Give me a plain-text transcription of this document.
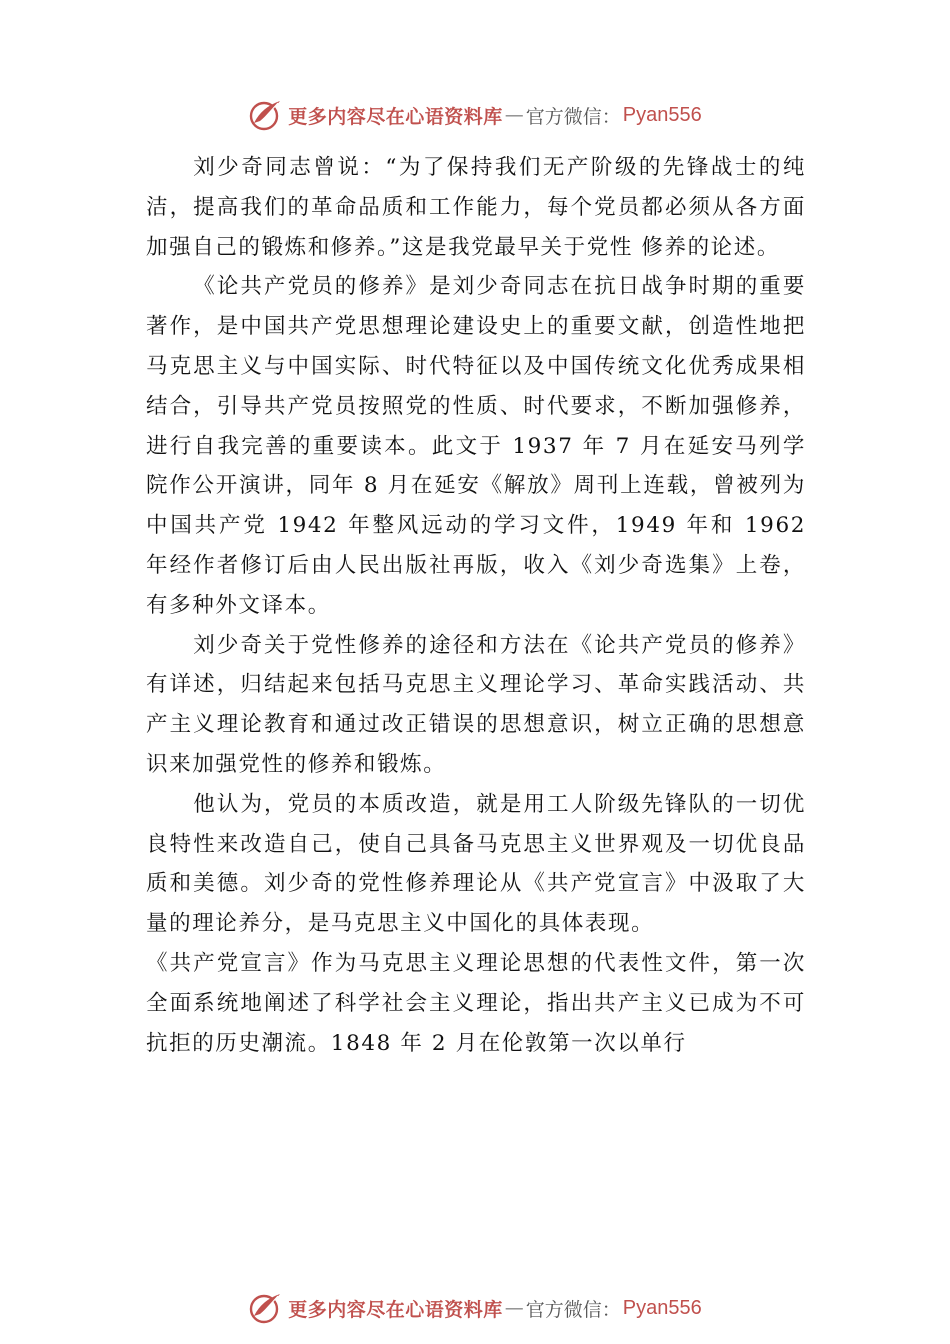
更多内容尽在心语资料库 — 官方微信： Pyan556

刘少奇同志曾说：“为了保持我们无产阶级的先锋战士的纯洁，提高我们的革命品质和工作能力，每个党员都必须从各方面加强自己的锻炼和修养。”这是我党最早关于党性 修养的论述。

《论共产党员的修养》是刘少奇同志在抗日战争时期的重要著作，是中国共产党思想理论建设史上的重要文献，创造性地把马克思主义与中国实际、时代特征以及中国传统文化优秀成果相结合，引导共产党员按照党的性质、时代要求，不断加强修养，进行自我完善的重要读本。此文于 1937 年 7 月在延安马列学院作公开演讲，同年 8 月在延安《解放》周刊上连载，曾被列为中国共产党 1942 年整风远动的学习文件，1949 年和 1962 年经作者修订后由人民出版社再版，收入《刘少奇选集》上卷，有多种外文译本。

刘少奇关于党性修养的途径和方法在《论共产党员的修养》有详述，归结起来包括马克思主义理论学习、革命实践活动、共产主义理论教育和通过改正错误的思想意识，树立正确的思想意识来加强党性的修养和锻炼。

他认为，党员的本质改造，就是用工人阶级先锋队的一切优良特性来改造自己，使自己具备马克思主义世界观及一切优良品质和美德。刘少奇的党性修养理论从《共产党宣言》中汲取了大量的理论养分，是马克思主义中国化的具体表现。

《共产党宣言》作为马克思主义理论思想的代表性文件，第一次全面系统地阐述了科学社会主义理论，指出共产主义已成为不可抗拒的历史潮流。1848 年 2 月在伦敦第一次以单行

更多内容尽在心语资料库 — 官方微信： Pyan556
